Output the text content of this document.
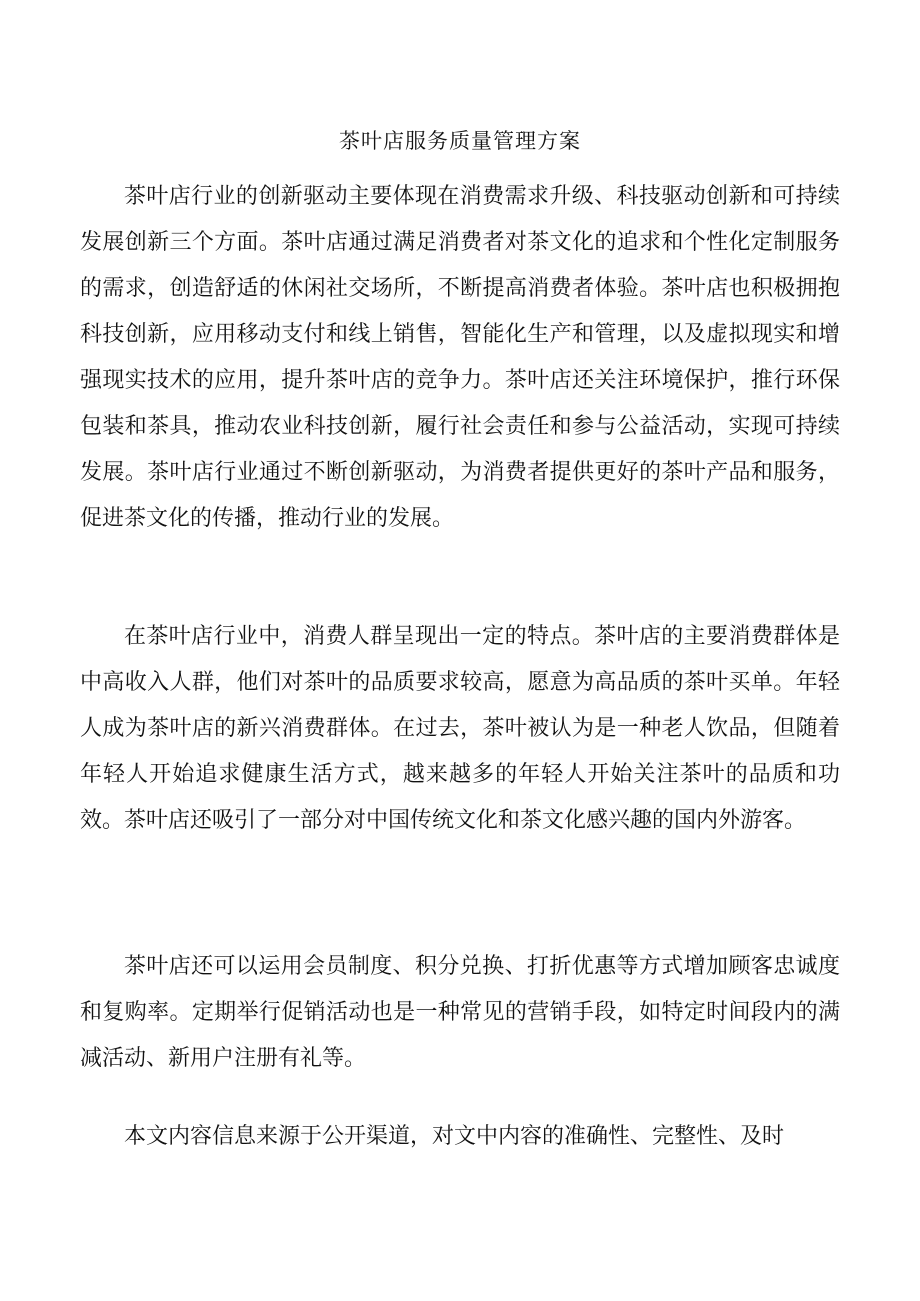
茶叶店服务质量管理方案

茶叶店行业的创新驱动主要体现在消费需求升级、科技驱动创新和可持续发展创新三个方面。茶叶店通过满足消费者对茶文化的追求和个性化定制服务的需求，创造舒适的休闲社交场所，不断提高消费者体验。茶叶店也积极拥抱科技创新，应用移动支付和线上销售，智能化生产和管理，以及虚拟现实和增强现实技术的应用，提升茶叶店的竞争力。茶叶店还关注环境保护，推行环保包装和茶具，推动农业科技创新，履行社会责任和参与公益活动，实现可持续发展。茶叶店行业通过不断创新驱动，为消费者提供更好的茶叶产品和服务，促进茶文化的传播，推动行业的发展。

在茶叶店行业中，消费人群呈现出一定的特点。茶叶店的主要消费群体是中高收入人群，他们对茶叶的品质要求较高，愿意为高品质的茶叶买单。年轻人成为茶叶店的新兴消费群体。在过去，茶叶被认为是一种老人饮品，但随着年轻人开始追求健康生活方式，越来越多的年轻人开始关注茶叶的品质和功效。茶叶店还吸引了一部分对中国传统文化和茶文化感兴趣的国内外游客。

茶叶店还可以运用会员制度、积分兑换、打折优惠等方式增加顾客忠诚度和复购率。定期举行促销活动也是一种常见的营销手段，如特定时间段内的满减活动、新用户注册有礼等。

本文内容信息来源于公开渠道，对文中内容的准确性、完整性、及时
